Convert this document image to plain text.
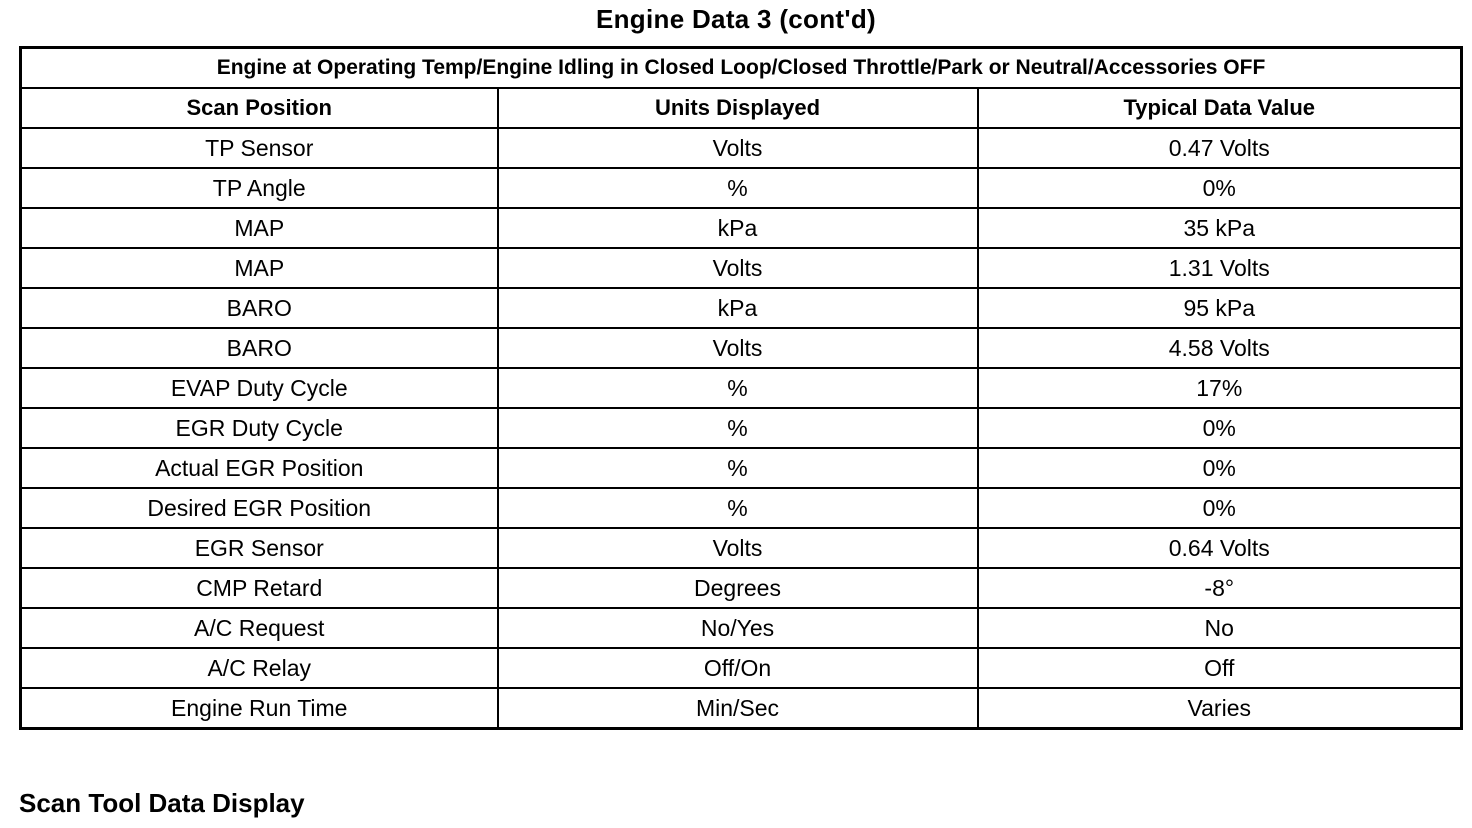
Engine Data 3 (cont'd)
Engine at Operating Temp/Engine Idling in Closed Loop/Closed Throttle/Park or Neutral/Accessories OFF		
Scan Position	Units Displayed	Typical Data Value
TP Sensor	Volts	0.47 Volts
TP Angle	%	0%
MAP	kPa	35 kPa
MAP	Volts	1.31 Volts
BARO	kPa	95 kPa
BARO	Volts	4.58 Volts
EVAP Duty Cycle	%	17%
EGR Duty Cycle	%	0%
Actual EGR Position	%	0%
Desired EGR Position	%	0%
EGR Sensor	Volts	0.64 Volts
CMP Retard	Degrees	-8°
A/C Request	No/Yes	No
A/C Relay	Off/On	Off
Engine Run Time	Min/Sec	Varies
Scan Tool Data Display
